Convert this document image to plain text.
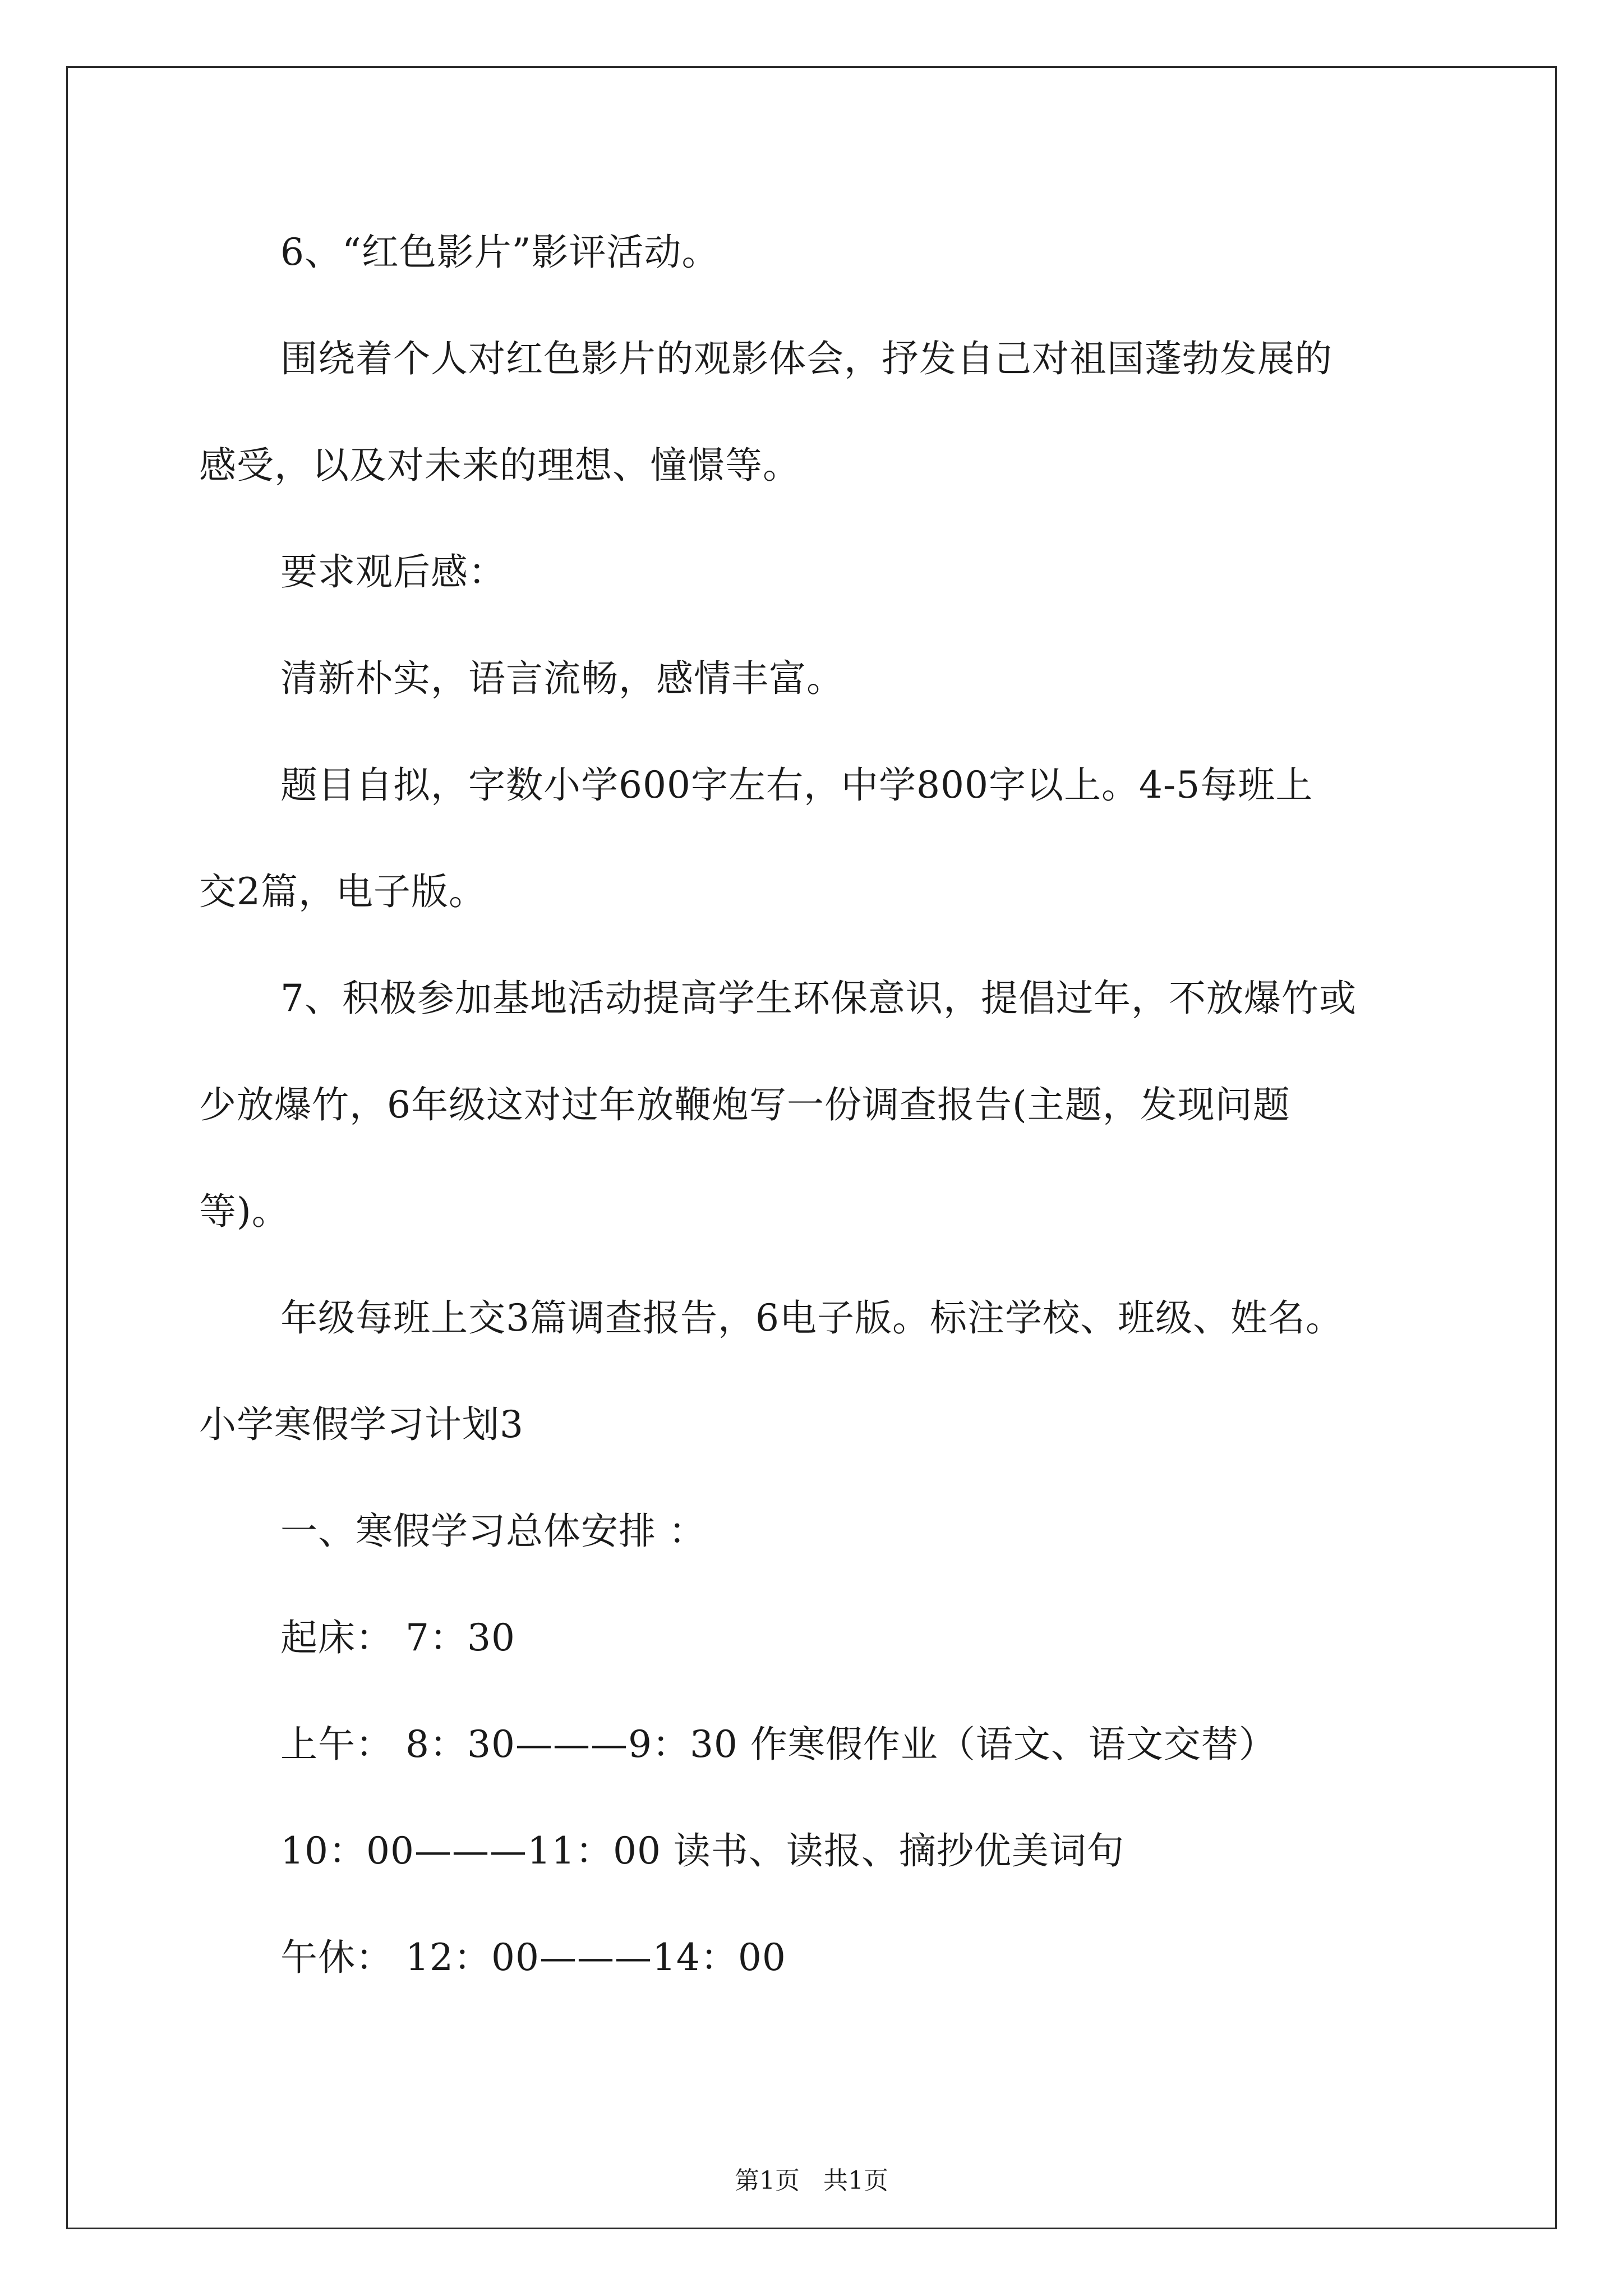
6、“红色影片”影评活动。
围绕着个人对红色影片的观影体会，抒发自己对祖国蓬勃发展的
感受，以及对未来的理想、憧憬等。
要求观后感：
清新朴实，语言流畅，感情丰富。
题目自拟，字数小学600字左右，中学800字以上。4-5每班上
交2篇，电子版。
7、积极参加基地活动提高学生环保意识，提倡过年，不放爆竹或
少放爆竹，6年级这对过年放鞭炮写一份调查报告(主题，发现问题
等)。
年级每班上交3篇调查报告，6电子版。标注学校、班级、姓名。
小学寒假学习计划3
一、寒假学习总体安排 ：
起床： 7：30
上午： 8：30———9：30 作寒假作业（语文、语文交替）
10：00———11：00 读书、读报、摘抄优美词句
午休： 12：00———14：00
第1页   共1页
